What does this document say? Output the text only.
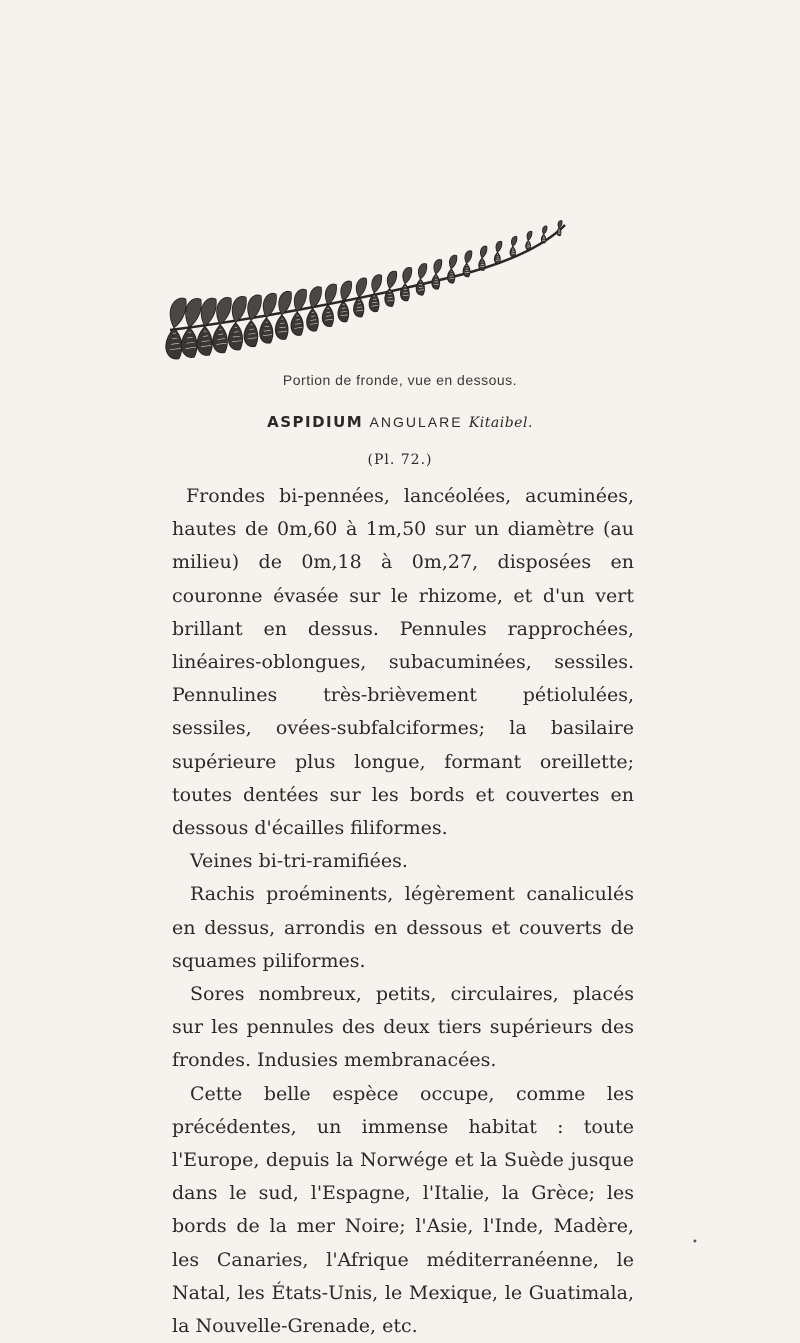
Portion de fronde, vue en dessous.
ASPIDIUM ANGULARE Kitaibel.
(Pl. 72.)

Frondes bi-pennées, lancéolées, acuminées, hautes de 0m,60 à 1m,50 sur un diamètre (au milieu) de 0m,18 à 0m,27, disposées en couronne évasée sur le rhizome, et d'un vert brillant en dessus. Pennules rapprochées, linéaires-oblongues, subacuminées, sessiles. Pennulines très-brièvement pétiolulées, sessiles, ovées-subfalciformes; la basilaire supérieure plus longue, formant oreillette; toutes dentées sur les bords et couvertes en dessous d'écailles filiformes.

Veines bi-tri-ramifiées.

Rachis proéminents, légèrement canaliculés en dessus, arrondis en dessous et couverts de squames piliformes.

Sores nombreux, petits, circulaires, placés sur les pennules des deux tiers supérieurs des frondes. Indusies membranacées.

Cette belle espèce occupe, comme les précédentes, un immense habitat : toute l'Europe, depuis la Norwége et la Suède jusque dans le sud, l'Espagne, l'Italie, la Grèce; les bords de la mer Noire; l'Asie, l'Inde, Madère, les Canaries, l'Afrique méditerranéenne, le Natal, les États-Unis, le Mexique, le Guatimala, la Nouvelle-Grenade, etc.

•
